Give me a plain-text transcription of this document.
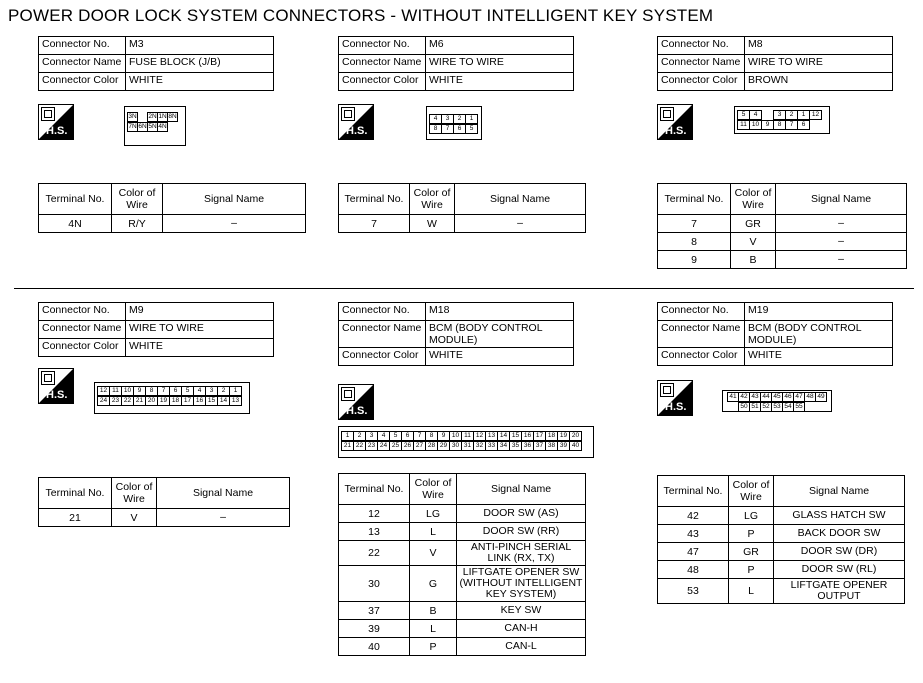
POWER DOOR LOCK SYSTEM CONNECTORS - WITHOUT INTELLIGENT KEY SYSTEM
Connector No.	M3
Connector Name	FUSE BLOCK (J/B)
Connector Color	WHITE
H.S.
3N 2N 1N 8N
7N 6N 5N 4N
Terminal No.	Color of Wire	Signal Name
4N	R/Y	–
Connector No.	M6
Connector Name	WIRE TO WIRE
Connector Color	WHITE
H.S.
4	3	2	1
8	7	6	5
Terminal No.	Color of Wire	Signal Name
7	W	–
Connector No.	M8
Connector Name	WIRE TO WIRE
Connector Color	BROWN
H.S.
5	4	3	2	1	12
11 10	9	8	7	6
Terminal No.	Color of Wire	Signal Name
7	GR	–
8	V	–
9	B	–
Connector No.	M9
Connector Name	WIRE TO WIRE
Connector Color	WHITE
H.S.	12 11 10	9	8	7	6	5	4	3	2	1
24 23 22 21 20 19 18 17 16 15 14 13
Terminal No.	Color of Wire	Signal Name
21	V	–
Connector No.	M18
Connector Name	BCM (BODY CONTROL MODULE)
Connector Color	WHITE
H.S.
1	2	3	4	5	6	7	8	9	10 11 12 13 14 15 16 17 18 19 20
21 22 23 24 25 26 27 28 29 30 31 32 33 34 35 36 37 38 39 40
Terminal No.	Color of Wire	Signal Name
12	LG	DOOR SW (AS)
13	L	DOOR SW (RR)
22	V	ANTI-PINCH SERIAL LINK (RX, TX)
30	G	LIFTGATE OPENER SW (WITHOUT INTELLIGENT KEY SYSTEM)
37	B	KEY SW
39	L	CAN-H
40	P	CAN-L
Connector No.	M19
Connector Name	BCM (BODY CONTROL MODULE)
Connector Color	WHITE
H.S.
41 42 43 44 45 46 47 48 49
50 51 52 53 54 55
Terminal No.	Color of Wire	Signal Name
42	LG	GLASS HATCH SW
43	P	BACK DOOR SW
47	GR	DOOR SW (DR)
48	P	DOOR SW (RL)
53	L	LIFTGATE OPENER OUTPUT
